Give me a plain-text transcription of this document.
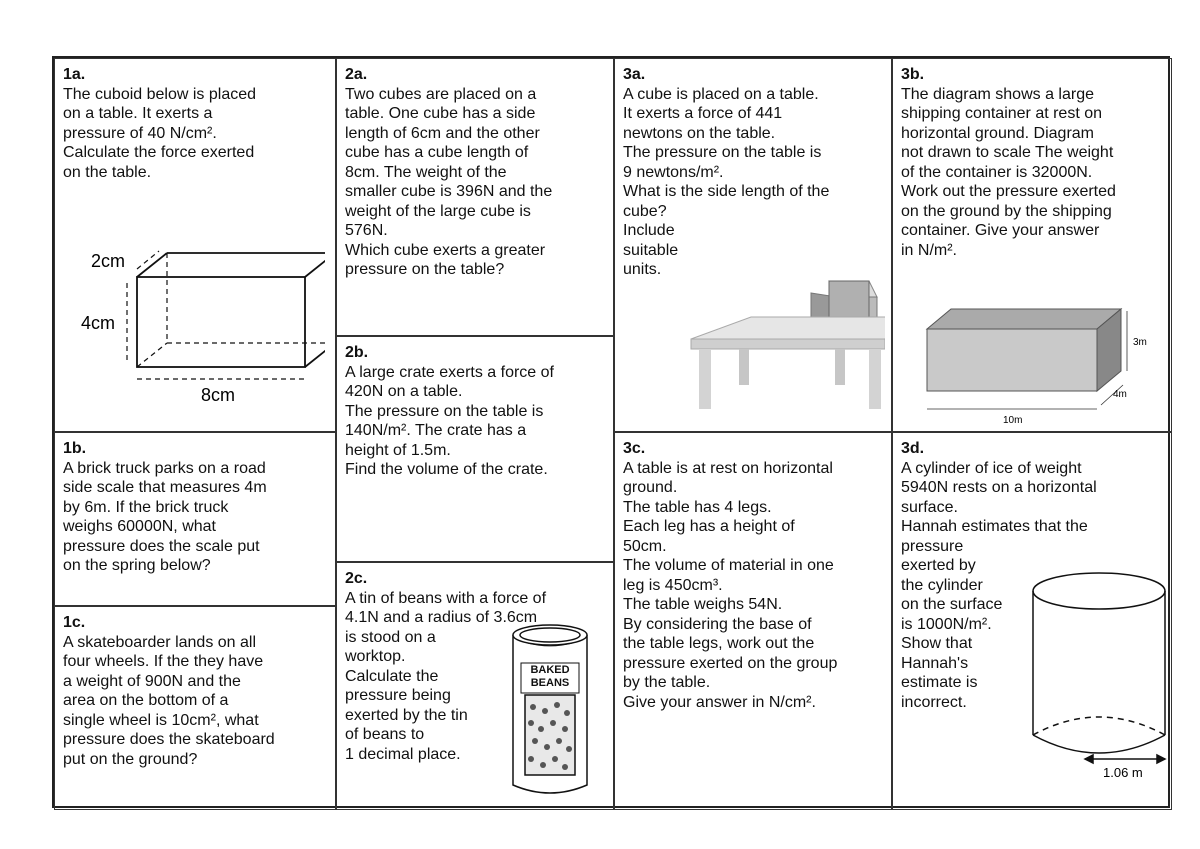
1a.
The cuboid below is placed
on a table. It exerts a
pressure of 40 N/cm².
Calculate the force exerted
on the table.
2cm
4cm
8cm
1b.
A brick truck parks on a road
side scale that measures 4m
by 6m. If the brick truck
weighs 60000N, what
pressure does the scale put
on the spring below?
1c.
A skateboarder lands on all
four wheels. If the they have
a weight of 900N and the
area on the bottom of a
single wheel is 10cm², what
pressure does the skateboard
put on the ground?
2a.
Two cubes are placed on a
table. One cube has a side
length of 6cm and the other
cube has a cube length of
8cm. The weight of the
smaller cube is 396N and the
weight of the large cube is
576N.
Which cube exerts a greater
pressure on the table?
2b.
A large crate exerts a force of
420N on a table.
The pressure on the table is
140N/m². The crate has a
height of 1.5m.
Find the volume of the crate.
2c.
A tin of beans with a force of
4.1N and a radius of 3.6cm
is stood on a
worktop.
Calculate the
pressure being
exerted by the tin
of beans to
1 decimal place.
BAKED
BEANS
3a.
A cube is placed on a table.
It exerts a force of 441
newtons on the table.
The pressure on the table is
9 newtons/m².
What is the side length of the
cube?
Include
suitable
units.
3c.
A table is at rest on horizontal
ground.
The table has 4 legs.
Each leg has a height of
50cm.
The volume of material in one
leg is 450cm³.
The table weighs 54N.
By considering the base of
the table legs, work out the
pressure exerted on the group
by the table.
Give your answer in N/cm².
3b.
The diagram shows a large
shipping container at rest on
horizontal ground. Diagram
not drawn to scale The weight
of the container is 32000N.
Work out the pressure exerted
on the ground by the shipping
container. Give your answer
in N/m².
3m
4m
10m
3d.
A cylinder of ice of weight
5940N rests on a horizontal
surface.
Hannah estimates that the
pressure
exerted by
the cylinder
on the surface
is 1000N/m².
Show that
Hannah's
estimate is
incorrect.
1.06 m
